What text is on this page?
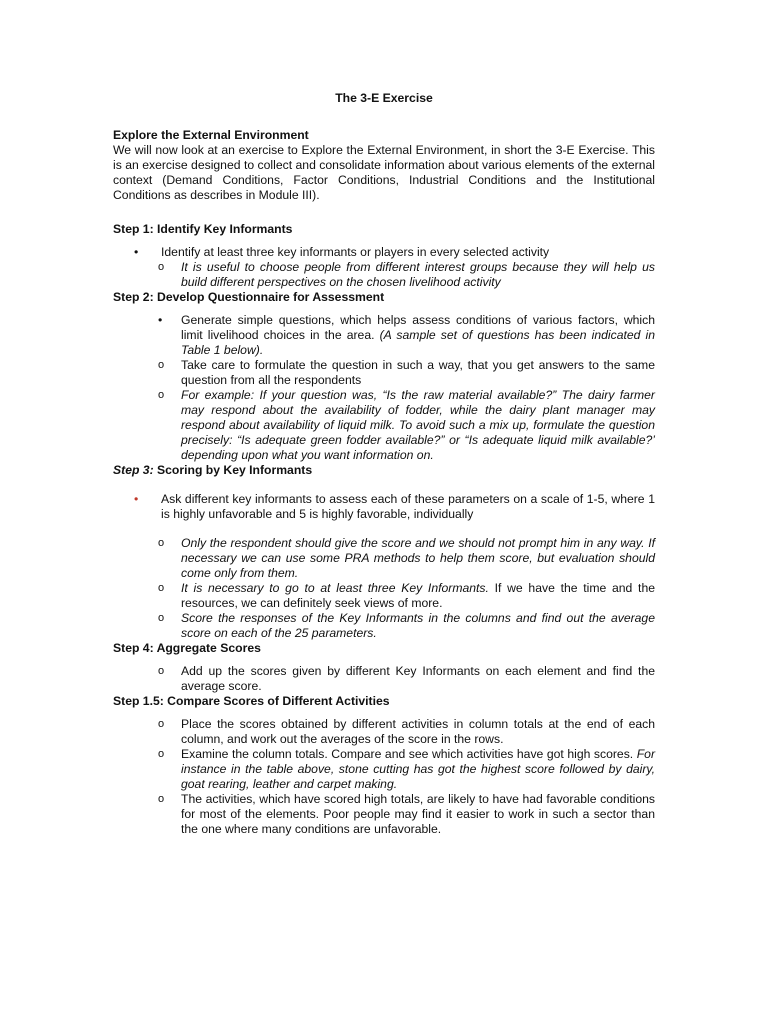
The 3-E Exercise
Explore the External Environment
We will now look at an exercise to Explore the External Environment, in short the 3-E Exercise. This is an exercise designed to collect and consolidate information about various elements of the external context (Demand Conditions, Factor Conditions, Industrial Conditions and the Institutional Conditions as describes in Module III).
Step 1: Identify Key Informants
• Identify at least three key informants or players in every selected activity
o It is useful to choose people from different interest groups because they will help us build different perspectives on the chosen livelihood activity
Step 2: Develop Questionnaire for Assessment
• Generate simple questions, which helps assess conditions of various factors, which limit livelihood choices in the area. (A sample set of questions has been indicated in Table 1 below).
o Take care to formulate the question in such a way, that you get answers to the same question from all the respondents
o For example: If your question was, “Is the raw material available?” The dairy farmer may respond about the availability of fodder, while the dairy plant manager may respond about availability of liquid milk. To avoid such a mix up, formulate the question precisely: “Is adequate green fodder available?” or “Is adequate liquid milk available?’ depending upon what you want information on.
Step 3: Scoring by Key Informants
• Ask different key informants to assess each of these parameters on a scale of 1-5, where 1 is highly unfavorable and 5 is highly favorable, individually
o Only the respondent should give the score and we should not prompt him in any way. If necessary we can use some PRA methods to help them score, but evaluation should come only from them.
o It is necessary to go to at least three Key Informants. If we have the time and the resources, we can definitely seek views of more.
o Score the responses of the Key Informants in the columns and find out the average score on each of the 25 parameters.
Step 4: Aggregate Scores
o Add up the scores given by different Key Informants on each element and find the average score.
Step 1.5: Compare Scores of Different Activities
o Place the scores obtained by different activities in column totals at the end of each column, and work out the averages of the score in the rows.
o Examine the column totals. Compare and see which activities have got high scores. For instance in the table above, stone cutting has got the highest score followed by dairy, goat rearing, leather and carpet making.
o The activities, which have scored high totals, are likely to have had favorable conditions for most of the elements. Poor people may find it easier to work in such a sector than the one where many conditions are unfavorable.
